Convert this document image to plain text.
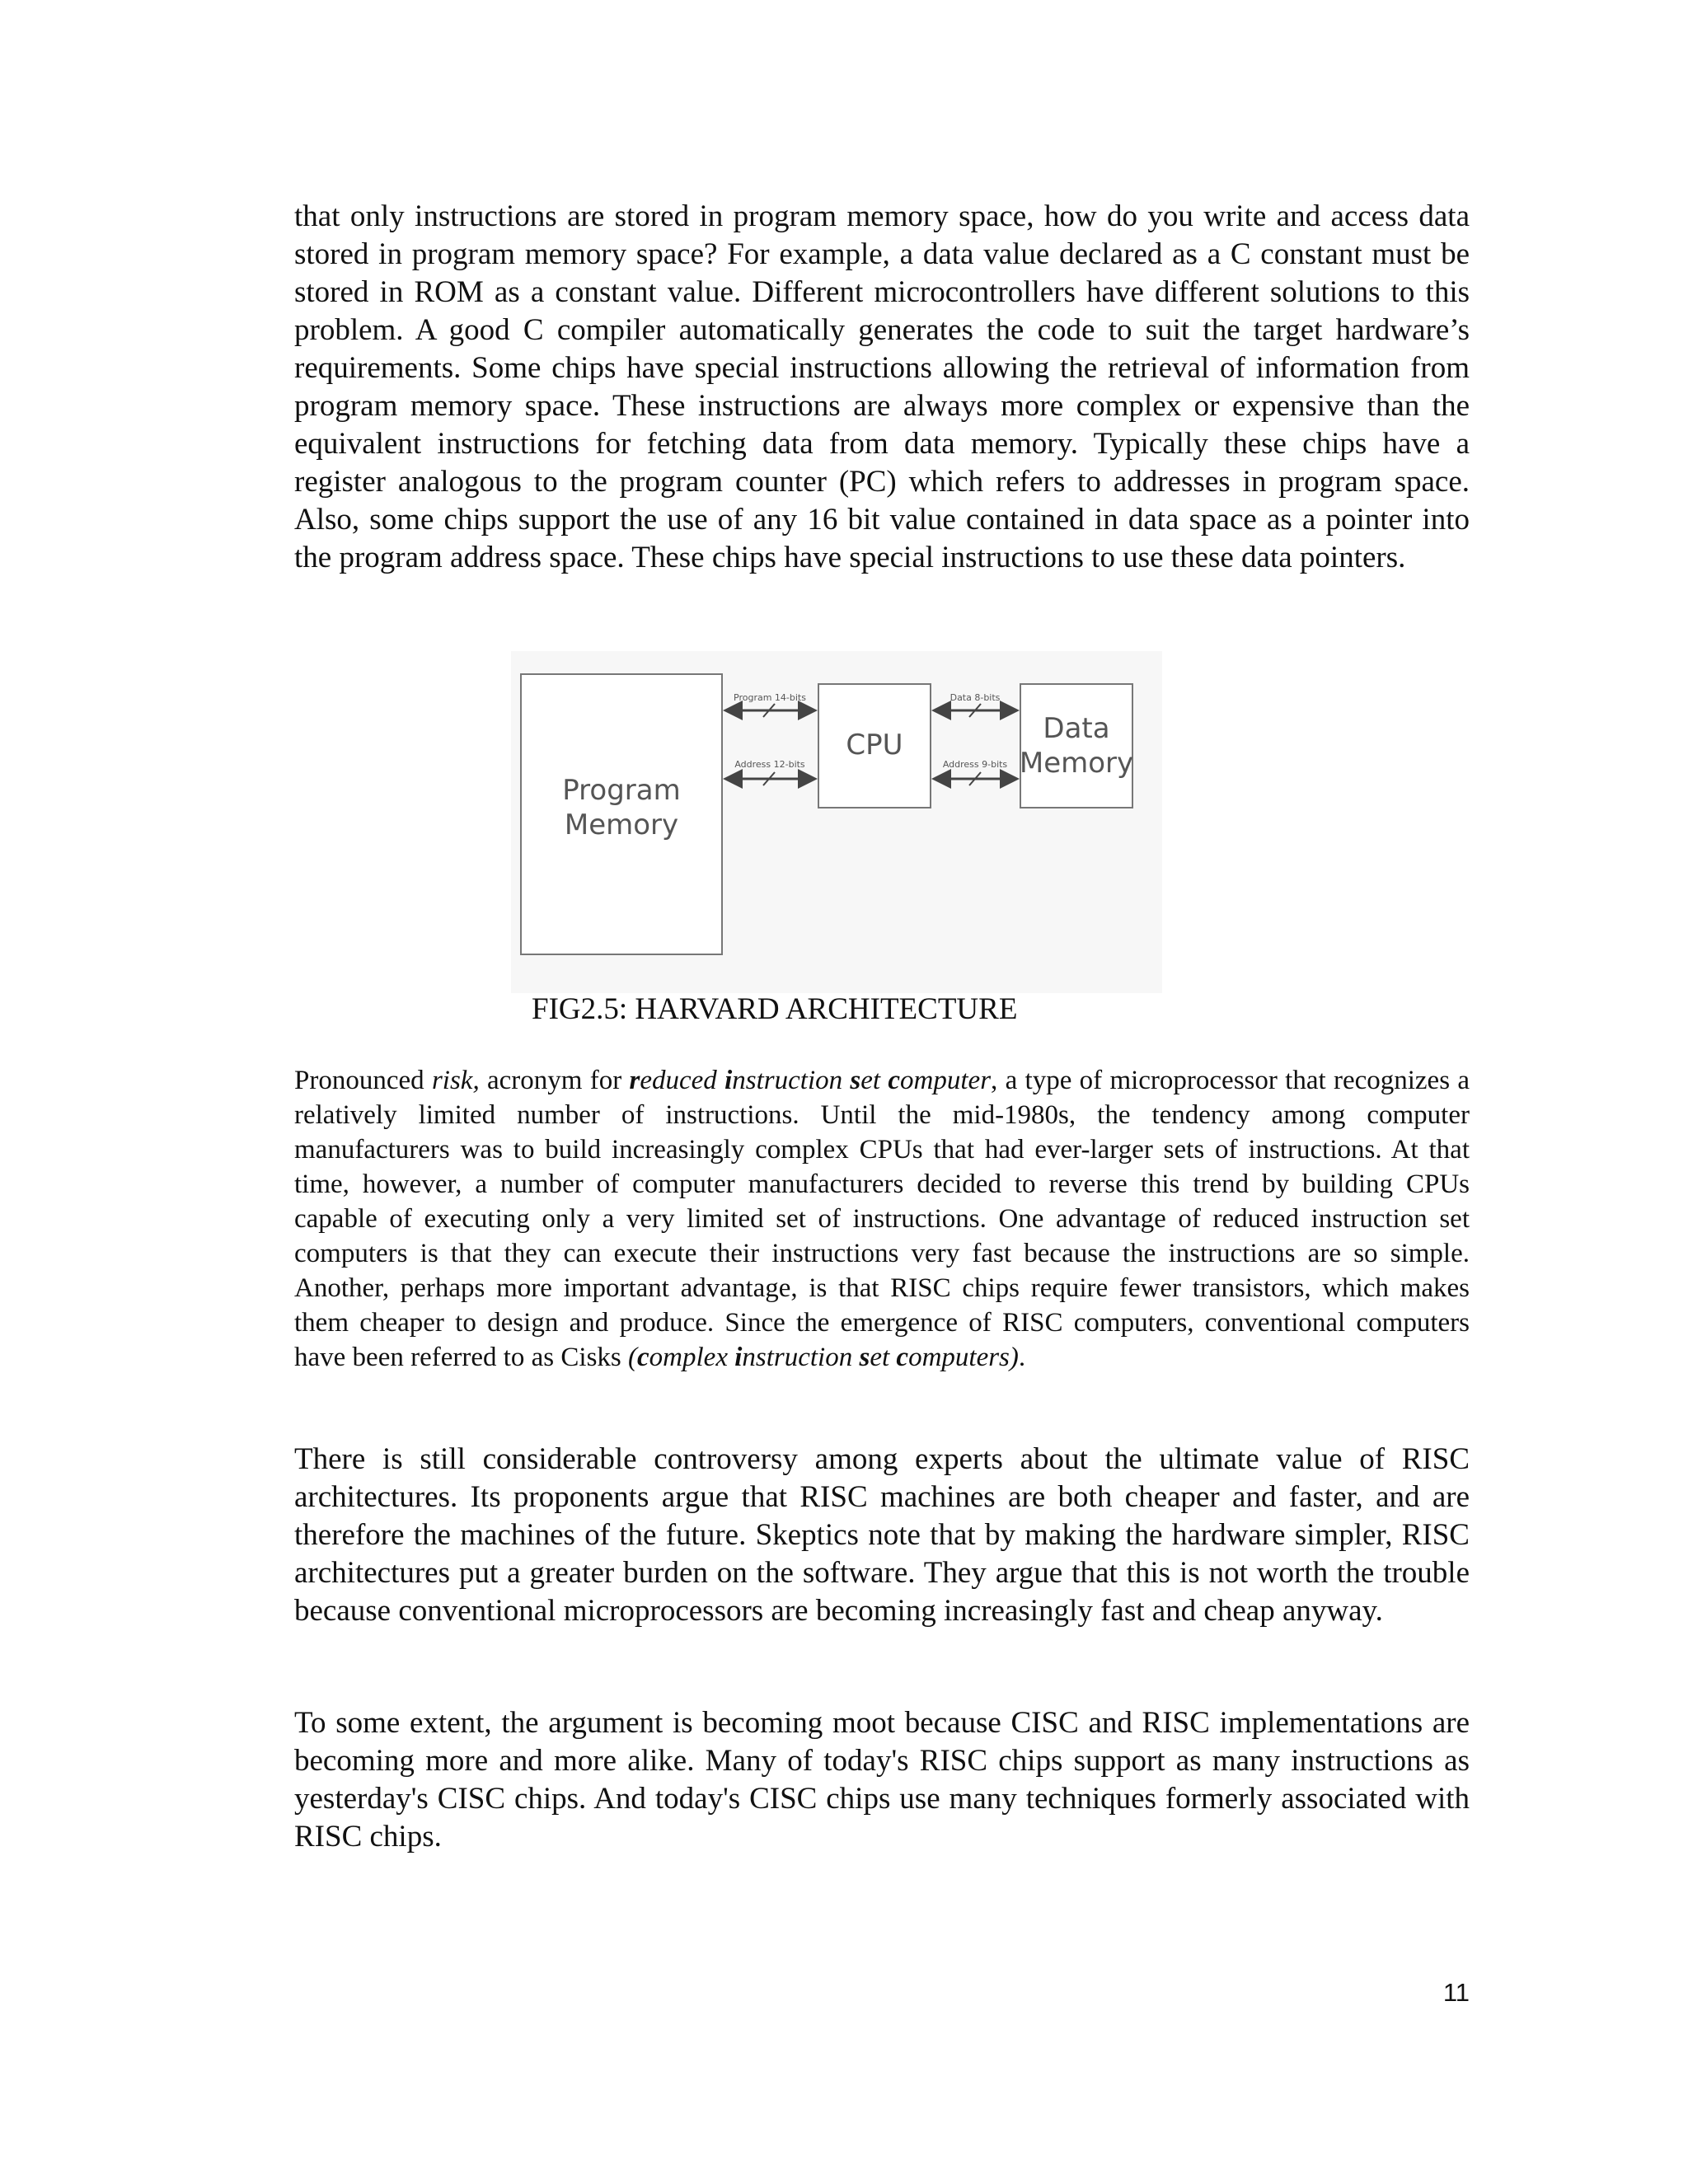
that only instructions are stored in program memory space, how do you write and access data stored in program memory space? For example, a data value declared as a C constant must be stored in ROM as a constant value. Different microcontrollers have different solutions to this problem. A good C compiler automatically generates the code to suit the target hardware’s requirements. Some chips have special instructions allowing the retrieval of information from program memory space. These instructions are always more complex or expensive than the equivalent instructions for fetching data from data memory. Typically these chips have a register analogous to the program counter (PC) which refers to addresses in program space. Also, some chips support the use of any 16 bit value contained in data space as a pointer into the program address space. These chips have special instructions to use these data pointers.

Program
Memory
CPU	Data
Memory
Program 14-bits
Address 12-bits
Data 8-bits
Address 9-bits

FIG2.5: HARVARD ARCHITECTURE

Pronounced risk, acronym for reduced instruction set computer, a type of microprocessor that recognizes a relatively limited number of instructions. Until the mid-1980s, the tendency among computer manufacturers was to build increasingly complex CPUs that had ever-larger sets of instructions. At that time, however, a number of computer manufacturers decided to reverse this trend by building CPUs capable of executing only a very limited set of instructions. One advantage of reduced instruction set computers is that they can execute their instructions very fast because the instructions are so simple. Another, perhaps more important advantage, is that RISC chips require fewer transistors, which makes them cheaper to design and produce. Since the emergence of RISC computers, conventional computers have been referred to as Cisks (complex instruction set computers).

There is still considerable controversy among experts about the ultimate value of RISC architectures. Its proponents argue that RISC machines are both cheaper and faster, and are therefore the machines of the future. Skeptics note that by making the hardware simpler, RISC architectures put a greater burden on the software. They argue that this is not worth the trouble because conventional microprocessors are becoming increasingly fast and cheap anyway.

To some extent, the argument is becoming moot because CISC and RISC implementations are becoming more and more alike. Many of today's RISC chips support as many instructions as yesterday's CISC chips. And today's CISC chips use many techniques formerly associated with RISC chips.

11
